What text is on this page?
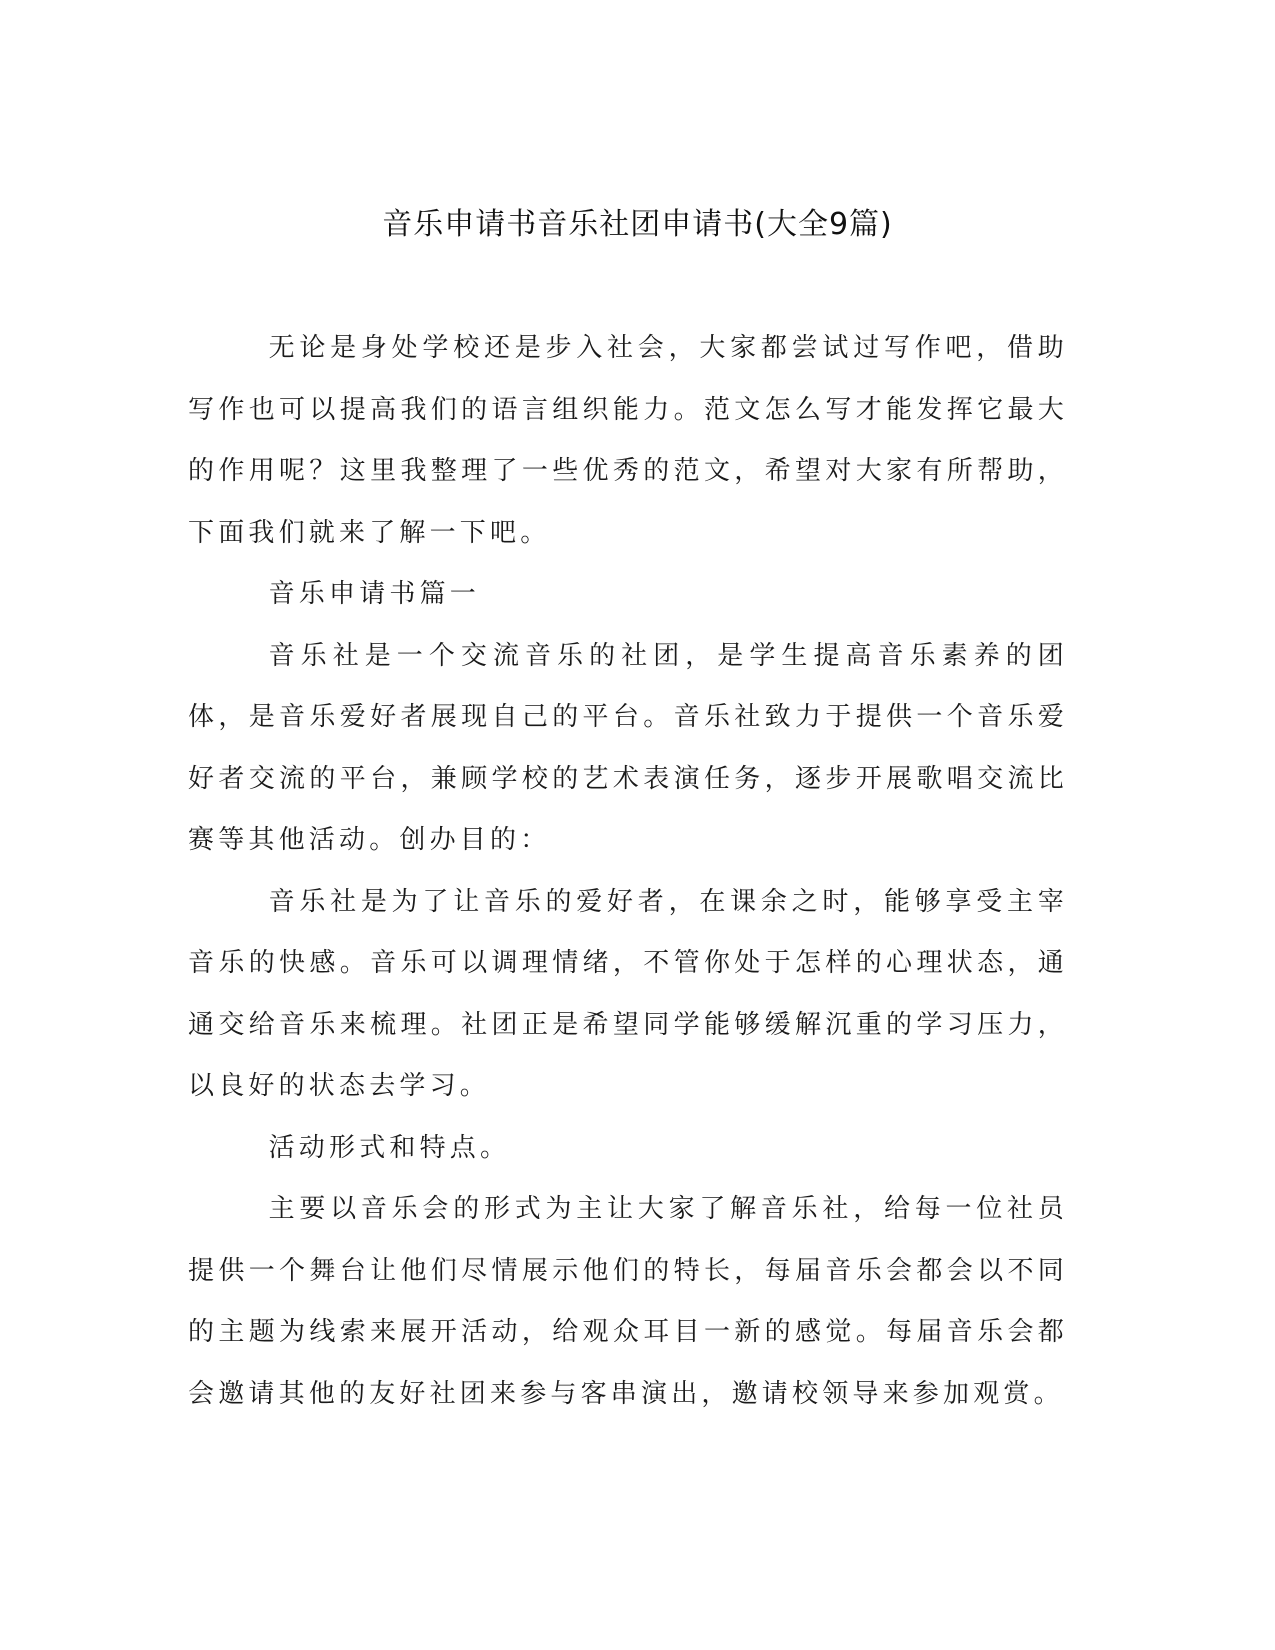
音乐申请书音乐社团申请书(大全9篇)

无论是身处学校还是步入社会，大家都尝试过写作吧，借助写作也可以提高我们的语言组织能力。范文怎么写才能发挥它最大的作用呢？这里我整理了一些优秀的范文，希望对大家有所帮助，下面我们就来了解一下吧。

音乐申请书篇一

音乐社是一个交流音乐的社团，是学生提高音乐素养的团体，是音乐爱好者展现自己的平台。音乐社致力于提供一个音乐爱好者交流的平台，兼顾学校的艺术表演任务，逐步开展歌唱交流比赛等其他活动。创办目的：

音乐社是为了让音乐的爱好者，在课余之时，能够享受主宰音乐的快感。音乐可以调理情绪，不管你处于怎样的心理状态，通通交给音乐来梳理。社团正是希望同学能够缓解沉重的学习压力，以良好的状态去学习。

活动形式和特点。

主要以音乐会的形式为主让大家了解音乐社，给每一位社员提供一个舞台让他们尽情展示他们的特长，每届音乐会都会以不同的主题为线索来展开活动，给观众耳目一新的感觉。每届音乐会都会邀请其他的友好社团来参与客串演出，邀请校领导来参加观赏。
